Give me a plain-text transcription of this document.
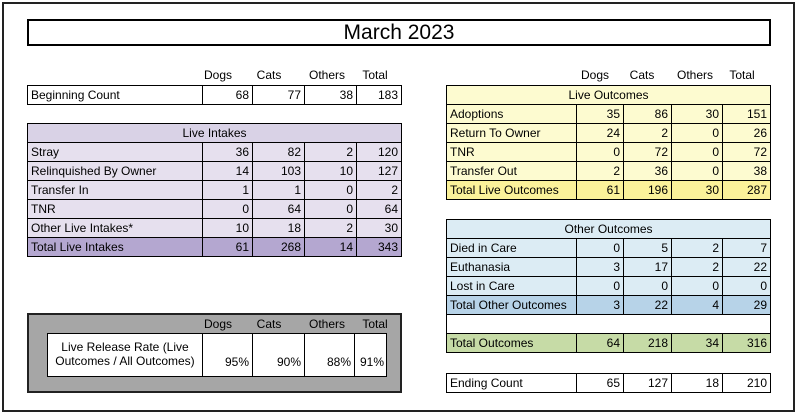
March 2023
Dogs	Cats	Others	Total
Beginning Count	68	77	38	183
Live Intakes				
Stray	36	82	2	120
Relinquished By Owner	14	103	10	127
Transfer In	1	1	0	2
TNR	0	64	0	64
Other Live Intakes*	10	18	2	30
Total Live Intakes	61	268	14	343
Dogs	Cats	Others	Total
Live Outcomes				
Adoptions	35	86	30	151
Return To Owner	24	2	0	26
TNR	0	72	0	72
Transfer Out	2	36	0	38
Total Live Outcomes	61	196	30	287
Other Outcomes				
Died in Care	0	5	2	7
Euthanasia	3	17	2	22
Lost in Care	0	0	0	0
Total Other Outcomes	3	22	4	29

Total Outcomes	64	218	34	316
Ending Count	65	127	18	210
Dogs	Cats	Others	Total
Live Release Rate (Live
Outcomes / All Outcomes)	95%	90%	88% 91%
